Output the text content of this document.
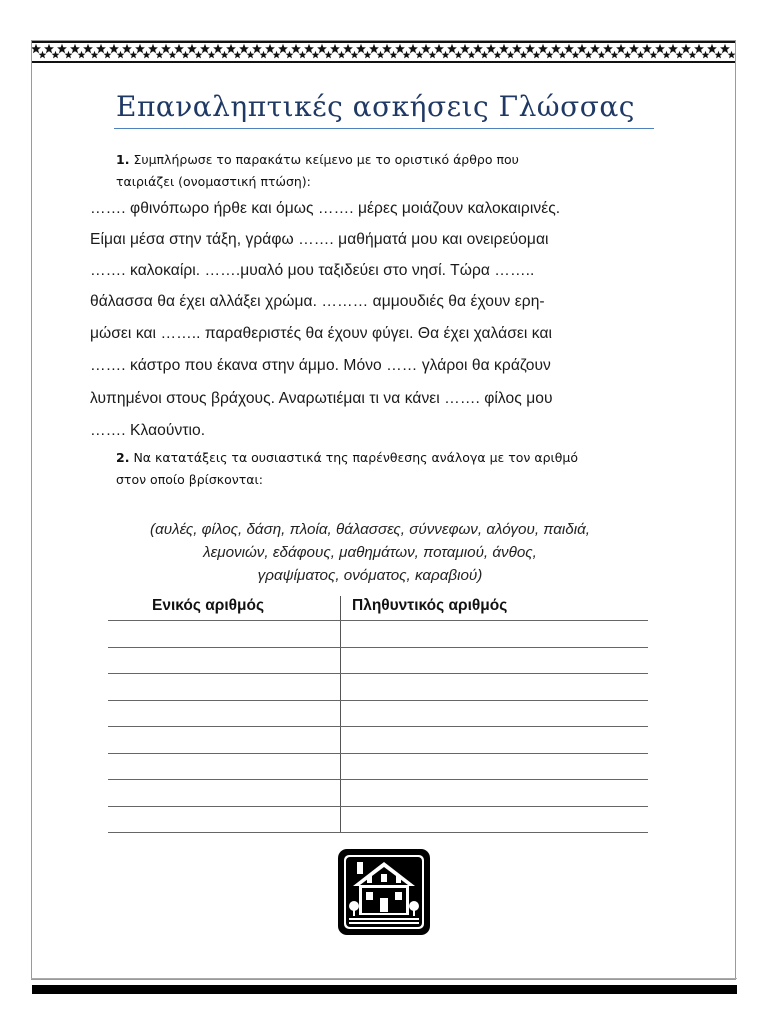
Επαναληπτικές ασκήσεις Γλώσσας
1. Συμπλήρωσε το παρακάτω κείμενο με το οριστικό άρθρο που
ταιριάζει (ονομαστική πτώση):
……. φθινόπωρο ήρθε και όμως ……. μέρες μοιάζουν καλοκαιρινές.
Είμαι μέσα στην τάξη, γράφω ……. μαθήματά μου και ονειρεύομαι
……. καλοκαίρι. …….μυαλό μου ταξιδεύει στο νησί. Τώρα ……..
θάλασσα θα έχει αλλάξει χρώμα. ……… αμμουδιές θα έχουν ερη-
μώσει και …….. παραθεριστές θα έχουν φύγει. Θα έχει χαλάσει και
……. κάστρο που έκανα στην άμμο. Μόνο …… γλάροι θα κράζουν
λυπημένοι στους βράχους. Αναρωτιέμαι τι να κάνει ……. φίλος μου
……. Κλαούντιο.
2. Να κατατάξεις τα ουσιαστικά της παρένθεσης ανάλογα με τον αριθμό
στον οποίο βρίσκονται:
(αυλές, φίλος, δάση, πλοία, θάλασσες, σύννεφων, αλόγου, παιδιά,
λεμονιών, εδάφους, μαθημάτων, ποταμιού, άνθος,
γραψίματος, ονόματος, καραβιού)
Ενικός αριθμός	Πληθυντικός αριθμός
